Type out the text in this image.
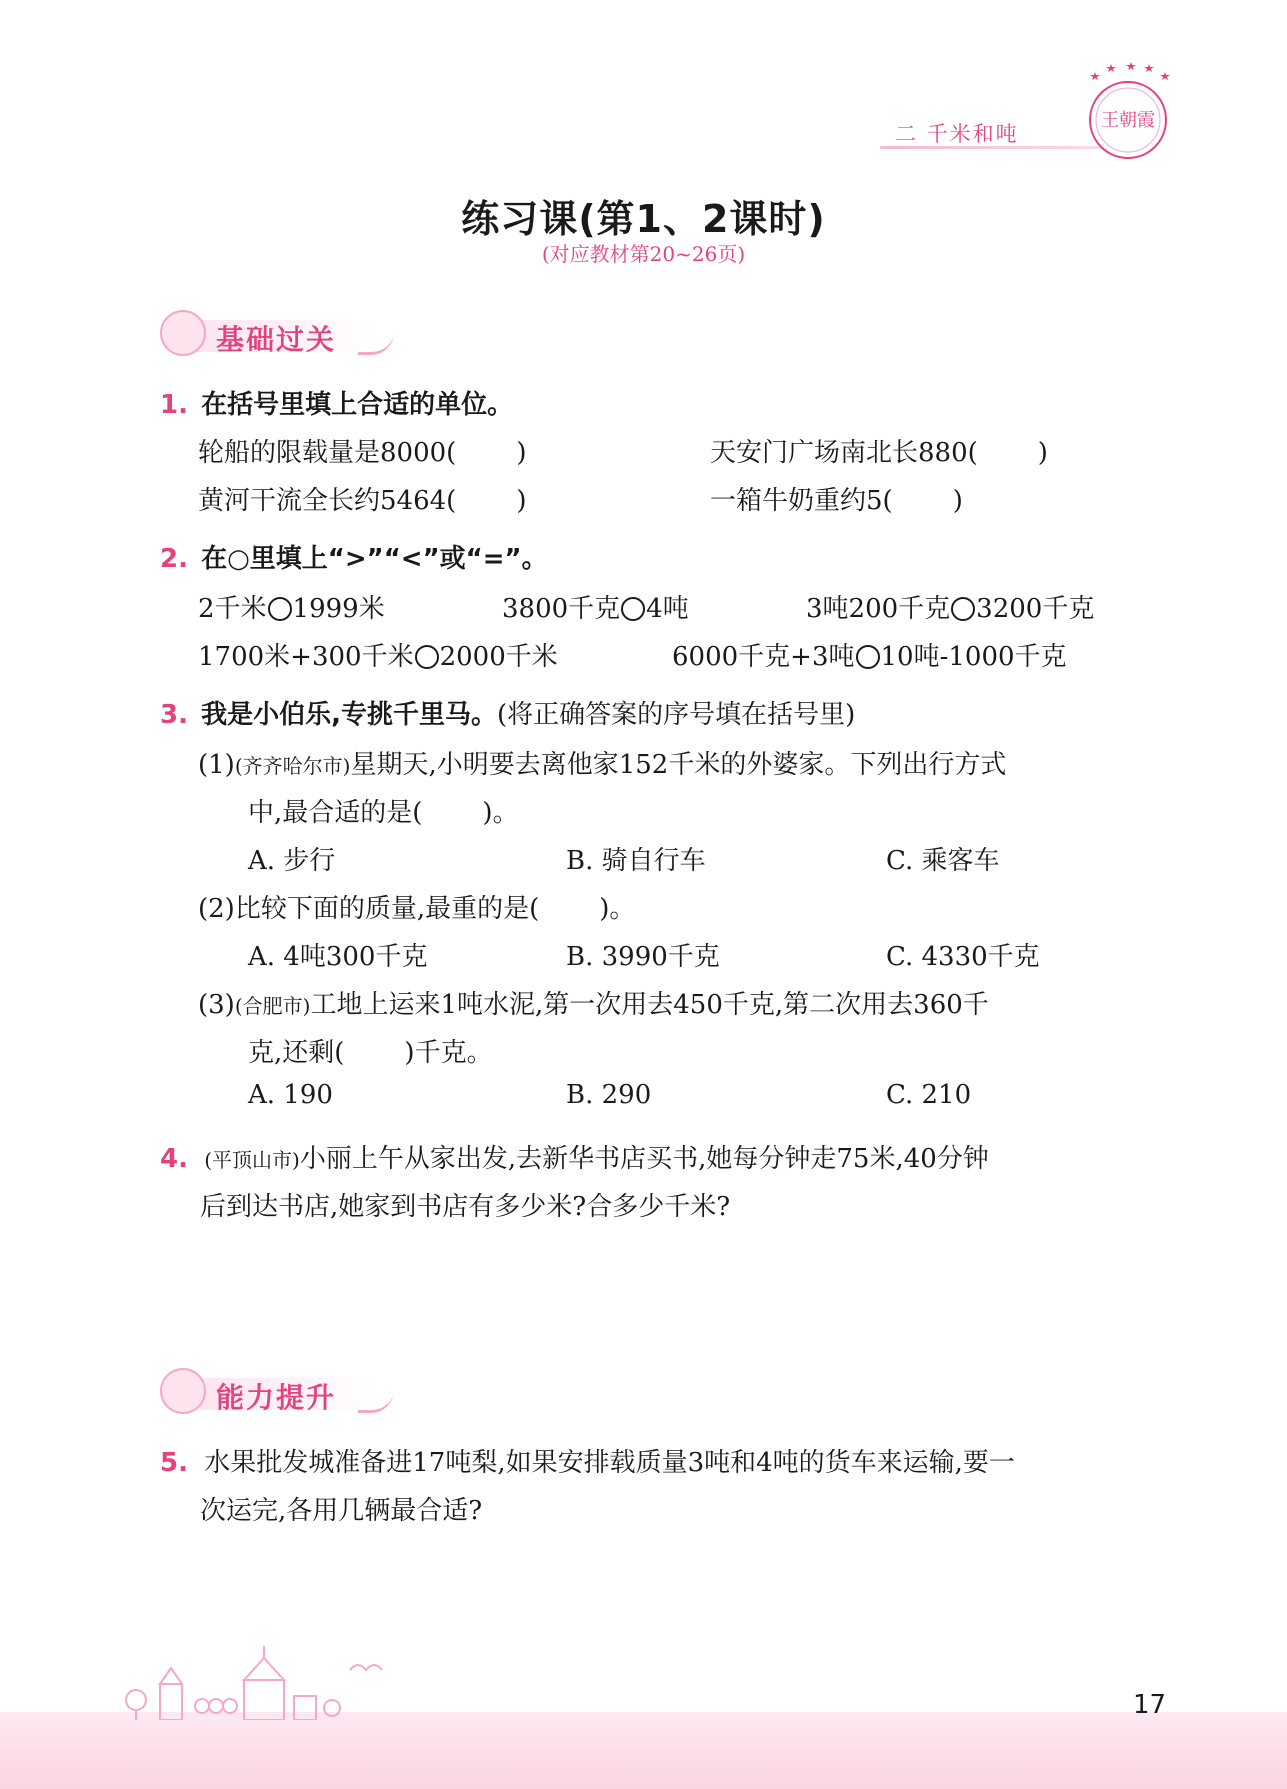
二 千米和吨
王朝霞
练习课(第1、2课时)
(对应教材第20~26页)
基础过关
1. 在括号里填上合适的单位。
轮船的限载量是8000( )	天安门广场南北长880( )
黄河干流全长约5464( )	一箱牛奶重约5( )
2. 在○里填上“>”“<”或“=”。
2千米 1999米	3800千克 4吨	3吨200千克 3200千克
1700米+300千米 2000千米	6000千克+3吨 10吨-1000千克
3. 我是小伯乐,专挑千里马。(将正确答案的序号填在括号里)
(1)(齐齐哈尔市)星期天,小明要去离他家152千米的外婆家。下列出行方式
中,最合适的是( )。
A. 步行	B. 骑自行车	C. 乘客车
(2)比较下面的质量,最重的是( )。
A. 4吨300千克	B. 3990千克	C. 4330千克
(3)(合肥市)工地上运来1吨水泥,第一次用去450千克,第二次用去360千
克,还剩( )千克。
A. 190	B. 290	C. 210
4. (平顶山市)小丽上午从家出发,去新华书店买书,她每分钟走75米,40分钟
后到达书店,她家到书店有多少米?合多少千米?
能力提升
5. 水果批发城准备进17吨梨,如果安排载质量3吨和4吨的货车来运输,要一
次运完,各用几辆最合适?
17
